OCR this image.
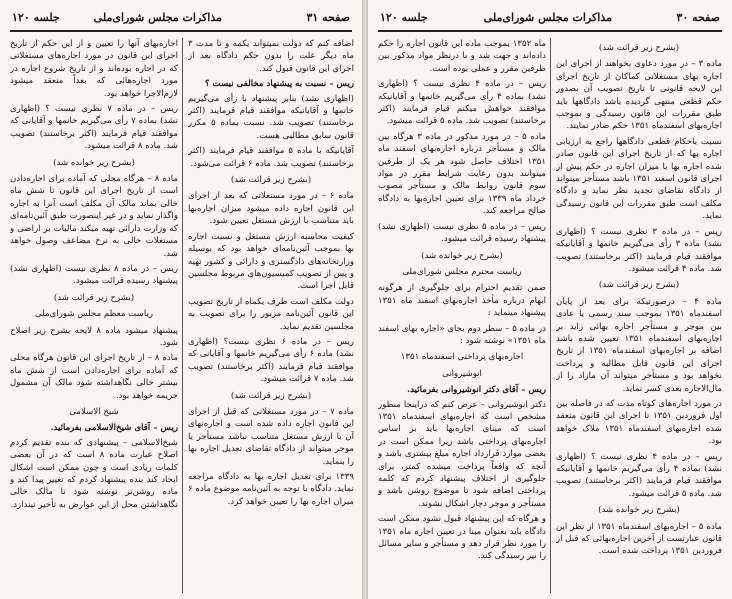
صفحه ۳۱
مذاکرات مجلس شورای‌ملی
جلسه ۱۲۰

اضافه کنم که دولت نمیتواند یکمه و تا مدت ۳ ماه دیگر علت را بدون حکم دادگاه بعد از اجرای این قانون قبول کند.

ریس – نسبت به پیشنهاد مخالفی نیست ؟

(اظهاری نشد) بنابر پیشنهاد با رأی می‌گیریم خانمها و آقایانیکه موافقند قیام فرمایند (اکثر برخاستند) تصویب شد. نسبت بماده ۵ مکرر قانون سابق مطالبی هست.

آقایانیکه با ماده ۵ موافقند قیام فرمایند (اکثر برخاستند) تصویب شد. ماده ۶ قرائت می‌شود.

(بشرح زیر قرائت شد)

ماده ۶ – در مورد مستغلاتی که بعد از اجرای این قانون اجاره داده میشود میزان اجاره‌بها باید متناسب با ارزش مستغل تعیین شود.

کیفیت محاسبه ارزش مستغل و نسبت اجاره بها بموجب آئین‌نامه‌ای خواهد بود که بوسیله وزارتخانه‌های دادگستری و دارائی و کشور تهیه و پس از تصویب کمیسیون‌های مربوط مجلسین قابل اجرا است.

دولت مکلف است ظرف یکماه از تاریخ تصویب این قانون آئین‌نامه مزبور را برای تصویب به مجلسین تقدیم نماید.

ریس – در ماده ۶ نظری نیست؟ (اظهاری نشد) ماده ۶ رأی می‌گیریم خانمها و آقایانی که موافقند قیام فرمایند (اکثر برخاستند) تصویب شد. ماده ۷ قرائت میشود.

(بشرح زیر قرائت شد)

ماده ۷ – در مورد مستغلاتی که قبل از اجرای این قانون اجاره داده شده است و اجاره‌بهای آن با ارزش مستغل متناسب نباشد مستأجر یا موجر میتواند از دادگاه تقاضای تعدیل اجاره بها را بنماید.

۱۳۳۹ برای تعدیل اجاره بها به دادگاه مراجعه نماید. دادگاه با توجه به آئین‌نامه موضوع ماده ۶ میزان اجاره بها را تعیین خواهد کرد.

اجاره‌بهای آنها را تعیین و از این حکم از تاریخ اجرای این قانون در مورد اجاره‌های مستغلاتی که در اجاره بوده‌اند و از تاریخ شروع اجاره در مورد اجاره‌هائی که بعداً منعقد میشود لازم‌الاجرا خواهد بود.

ریس – در ماده ۷ نظری نیست ؟ (اظهاری نشد) بماده ۷ رأی می‌گیریم خانمها و آقایانی که موافقند قیام فرمایند (اکثر برخاستند) تصویب شد. ماده ۸ قرائت میشود.

(بشرح زیر خوانده شد)

ماده ۸ – هرگاه محلی که آماده برای اجاره‌دادن است از تاریخ اجرای این قانون تا شش ماه خالی بماند مالک آن مکلف است آنرا به اجاره واگذار نماید و در غیر اینصورت طبق آئین‌نامه‌ای که وزارت دارائی تهیه میکند مالیات بر اراضی و مستغلات خالی به نرخ مضاعف وصول خواهد شد.

ریس – در ماده ۸ نظری نیست (اظهاری نشد) پیشنهاد رسیده قرائت میشود.

(بشرح زیر قرائت شد)

ریاست معظم مجلس شورای‌ملی

پیشنهاد میشود ماده ۸ لایحه بشرح زیر اصلاح شود.

ماده ۸ – از تاریخ اجرای این قانون هرگاه محلی که آماده برای اجاره‌دادن است از شش ماه بیشتر خالی نگاهداشته شود مالک آن مشمول جریمه خواهد بود.

شیخ الاسلامی

ریس – آقای شیخ‌الاسلامی بفرمائید.

شیخ‌الاسلامی – پیشنهادی که بنده تقدیم کردم اصلاح عبارت ماده ۸ است که در آن بعضی کلمات زیادی است و چون ممکن است اشکال ایجاد کند بنده پیشنهاد کردم که تغییر پیدا کند و ماده روشن‌تر نوشته شود تا مالک خالی نگاهداشتن محل از این عوارض به تأخیر نیندازد.

صفحه ۳۰
مذاکرات مجلس شورای‌ملی
جلسه ۱۲۰

(بشرح زیر قرائت شد)

ماده ۳ – در مورد دعاوی بخواهند از اجرای این اجاره بهای مستغلاتی کماکان از تاریخ اجرای این لایحه قانونی تا تاریخ تصویب آن بصدور حکم قطعی منتهی گردیده باشد دادگاهها باید طبق مقررات این قانون رسیدگی و بموجب اجاره‌بهای اسفندماه ۱۳۵۱ حکم صادر نمایند.

نسبت باحکام قطعی دادگاهها راجع به ارزیابی اجاره بها که از تاریخ اجرای این قانون صادر شده اجاره بها با میزان اجاره در حکم پیش از اجرای قانون اسفند ۱۳۵۱ باشد مستأجر میتواند از دادگاه تقاضای تجدید نظر نماید و دادگاه مکلف است طبق مقررات این قانون رسیدگی نماید.

ریس – در ماده ۳ نظری نیست ؟ (اظهاری نشد) ماده ۳ رأی می‌گیریم خانمها و آقایانیکه موافقند قیام فرمایند (اکثر برخاستند) تصویب شد. ماده ۴ قرائت میشود.

(بشرح زیر قرائت شد)

ماده ۴ – درصورتیکه برای بعد از پایان اسفندماه ۱۳۵۱ بموجب سند رسمی یا عادی بین موجر و مستأجر اجاره بهائی زاید بر اجاره‌بهای اسفندماه ۱۳۵۱ تعیین شده باشد اضافه بر اجاره‌بهای اسفندماه ۱۳۵۱ از تاریخ اجرای این قانون قابل مطالبه و پرداخت نخواهد بود و مستأجر میتواند آن مازاد را از مال‌الاجاره بعدی کسر نماید.

در مورد اجاره‌های کوتاه مدت که در فاصله بین اول فروردین ۱۳۵۱ تا اجرای این قانون منعقد شده اجاره‌بهای اسفندماه ۱۳۵۱ ملاک خواهد بود.

ریس – در ماده ۴ نظری نیست ؟ (اظهاری نشد) بماده ۴ رأی می‌گیریم خانمها و آقایانیکه موافقند قیام فرمایند (اکثر برخاستند) تصویب شد. ماده ۵ قرائت میشود.

(بشرح زیر خوانده شد)

ماده ۵ – اجاره‌بهای اسفندماه ۱۳۵۱ از نظر این قانون عبارتست از آخرین اجاره‌بهائی که قبل از فروردین ۱۳۵۱ پرداخت شده است.

ماه ۱۳۵۲ بموجب ماده این قانون اجاره را حکم داده‌اند و جهت شد و با درنظر مواد مذکور بین طرفین مقرر و عملی بوده است.

ریس – در ماده ۴ نظری نیست ؟ (اظهاری نشد) بماده ۴ رأی می‌گیریم خانمها و آقایانیکه موافقند خواهش میکنم قیام فرمایند (اکثر برخاستند) تصویب شد. ماده ۵ قرائت میشود.

ماده ۵ – در مورد مذکور در ماده ۳ هرگاه بین مالک و مستأجر درباره اجاره‌بهای اسفند ماه ۱۳۵۱ اختلاف حاصل شود هر یک از طرفین میتوانند بدون رعایت شرایط مقرر در مواد سوم قانون روابط مالک و مستأجر مصوب خرداد ماه ۱۳۳۹ برای تعیین اجاره‌بها به دادگاه صالح مراجعه کند.

ریس – در ماده ۵ نظری نیست (اظهاری نشد) پیشنهاد رسیده قرائت میشود.

(بشرح زیر خوانده شد)

ریاست محترم مجلس شورای‌ملی

ضمن تقدیم احترام برای جلوگیری از هرگونه ابهام درباره مأخذ اجاره‌بهای اسفند ماه ۱۳۵۱ پیشنهاد مینماید :

در ماده ۵ – سطر دوم بجای «اجاره بهای اسفند ماه ۱۳۵۱» نوشته شود :

اجاره‌بهای پرداختی اسفندماه ۱۳۵۱

انوشیروانی

ریس – آقای دکتر انوشیروانی بفرمائید.

دکتر انوشیروانی – عرض کنم که دراینجا منظور مشخص است که اجاره‌بهای اسفندماه ۱۳۵۱ است که مبنای اجاره‌بها باید بر اساس اجاره‌بهای پرداختی باشد زیرا ممکن است در بعضی موارد قرارداد اجاره مبلغ بیشتری باشد و آنچه که واقعاً پرداخت میشده کمتر، برای جلوگیری از اختلاف پیشنهاد کردم که کلمه پرداختی اضافه شود تا موضوع روشن باشد و مستأجر و موجر دچار اشکال نشوند.

و هرگاه که این پیشنهاد قبول نشود ممکن است دادگاه باید بعنوان مبنا در تعیین اجاره ماه ۱۳۵۱ را مورد نظر قرار دهد و مستأجر و سایر مسائل را نیز رسیدگی کند.
